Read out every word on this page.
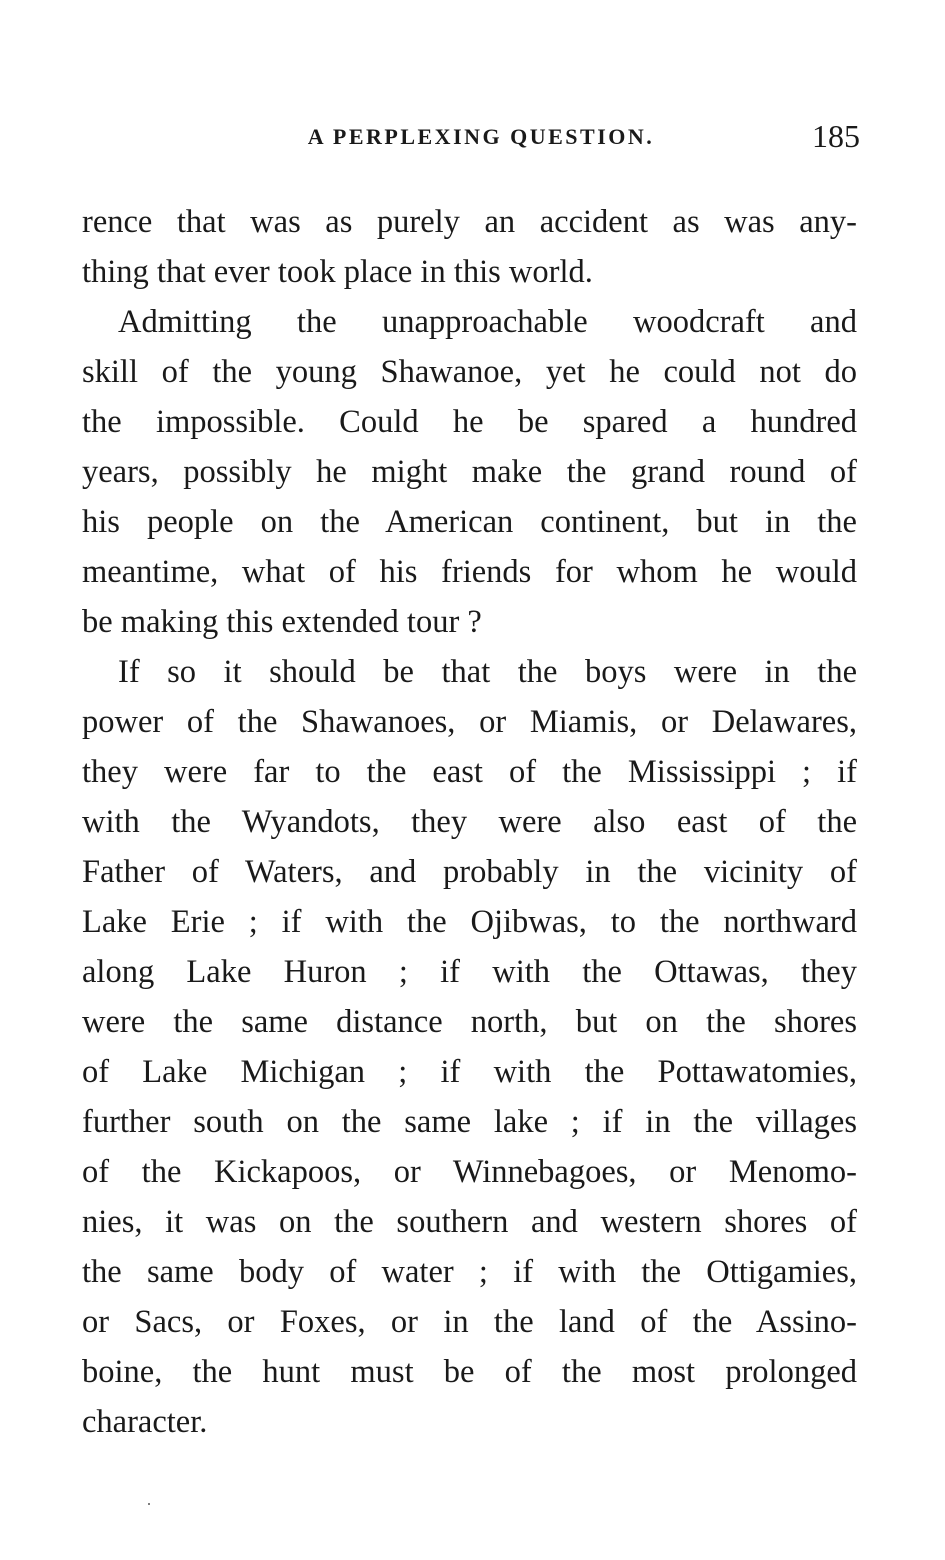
A PERPLEXING QUESTION.	185
rence that was as purely an accident as was any-
thing that ever took place in this world.
Admitting the unapproachable woodcraft and
skill of the young Shawanoe, yet he could not do
the impossible. Could he be spared a hundred
years, possibly he might make the grand round of
his people on the American continent, but in the
meantime, what of his friends for whom he would
be making this extended tour ?
If so it should be that the boys were in the
power of the Shawanoes, or Miamis, or Delawares,
they were far to the east of the Mississippi ; if
with the Wyandots, they were also east of the
Father of Waters, and probably in the vicinity of
Lake Erie ; if with the Ojibwas, to the northward
along Lake Huron ; if with the Ottawas, they
were the same distance north, but on the shores
of Lake Michigan ; if with the Pottawatomies,
further south on the same lake ; if in the villages
of the Kickapoos, or Winnebagoes, or Menomo-
nies, it was on the southern and western shores of
the same body of water ; if with the Ottigamies,
or Sacs, or Foxes, or in the land of the Assino-
boine, the hunt must be of the most prolonged
character.
